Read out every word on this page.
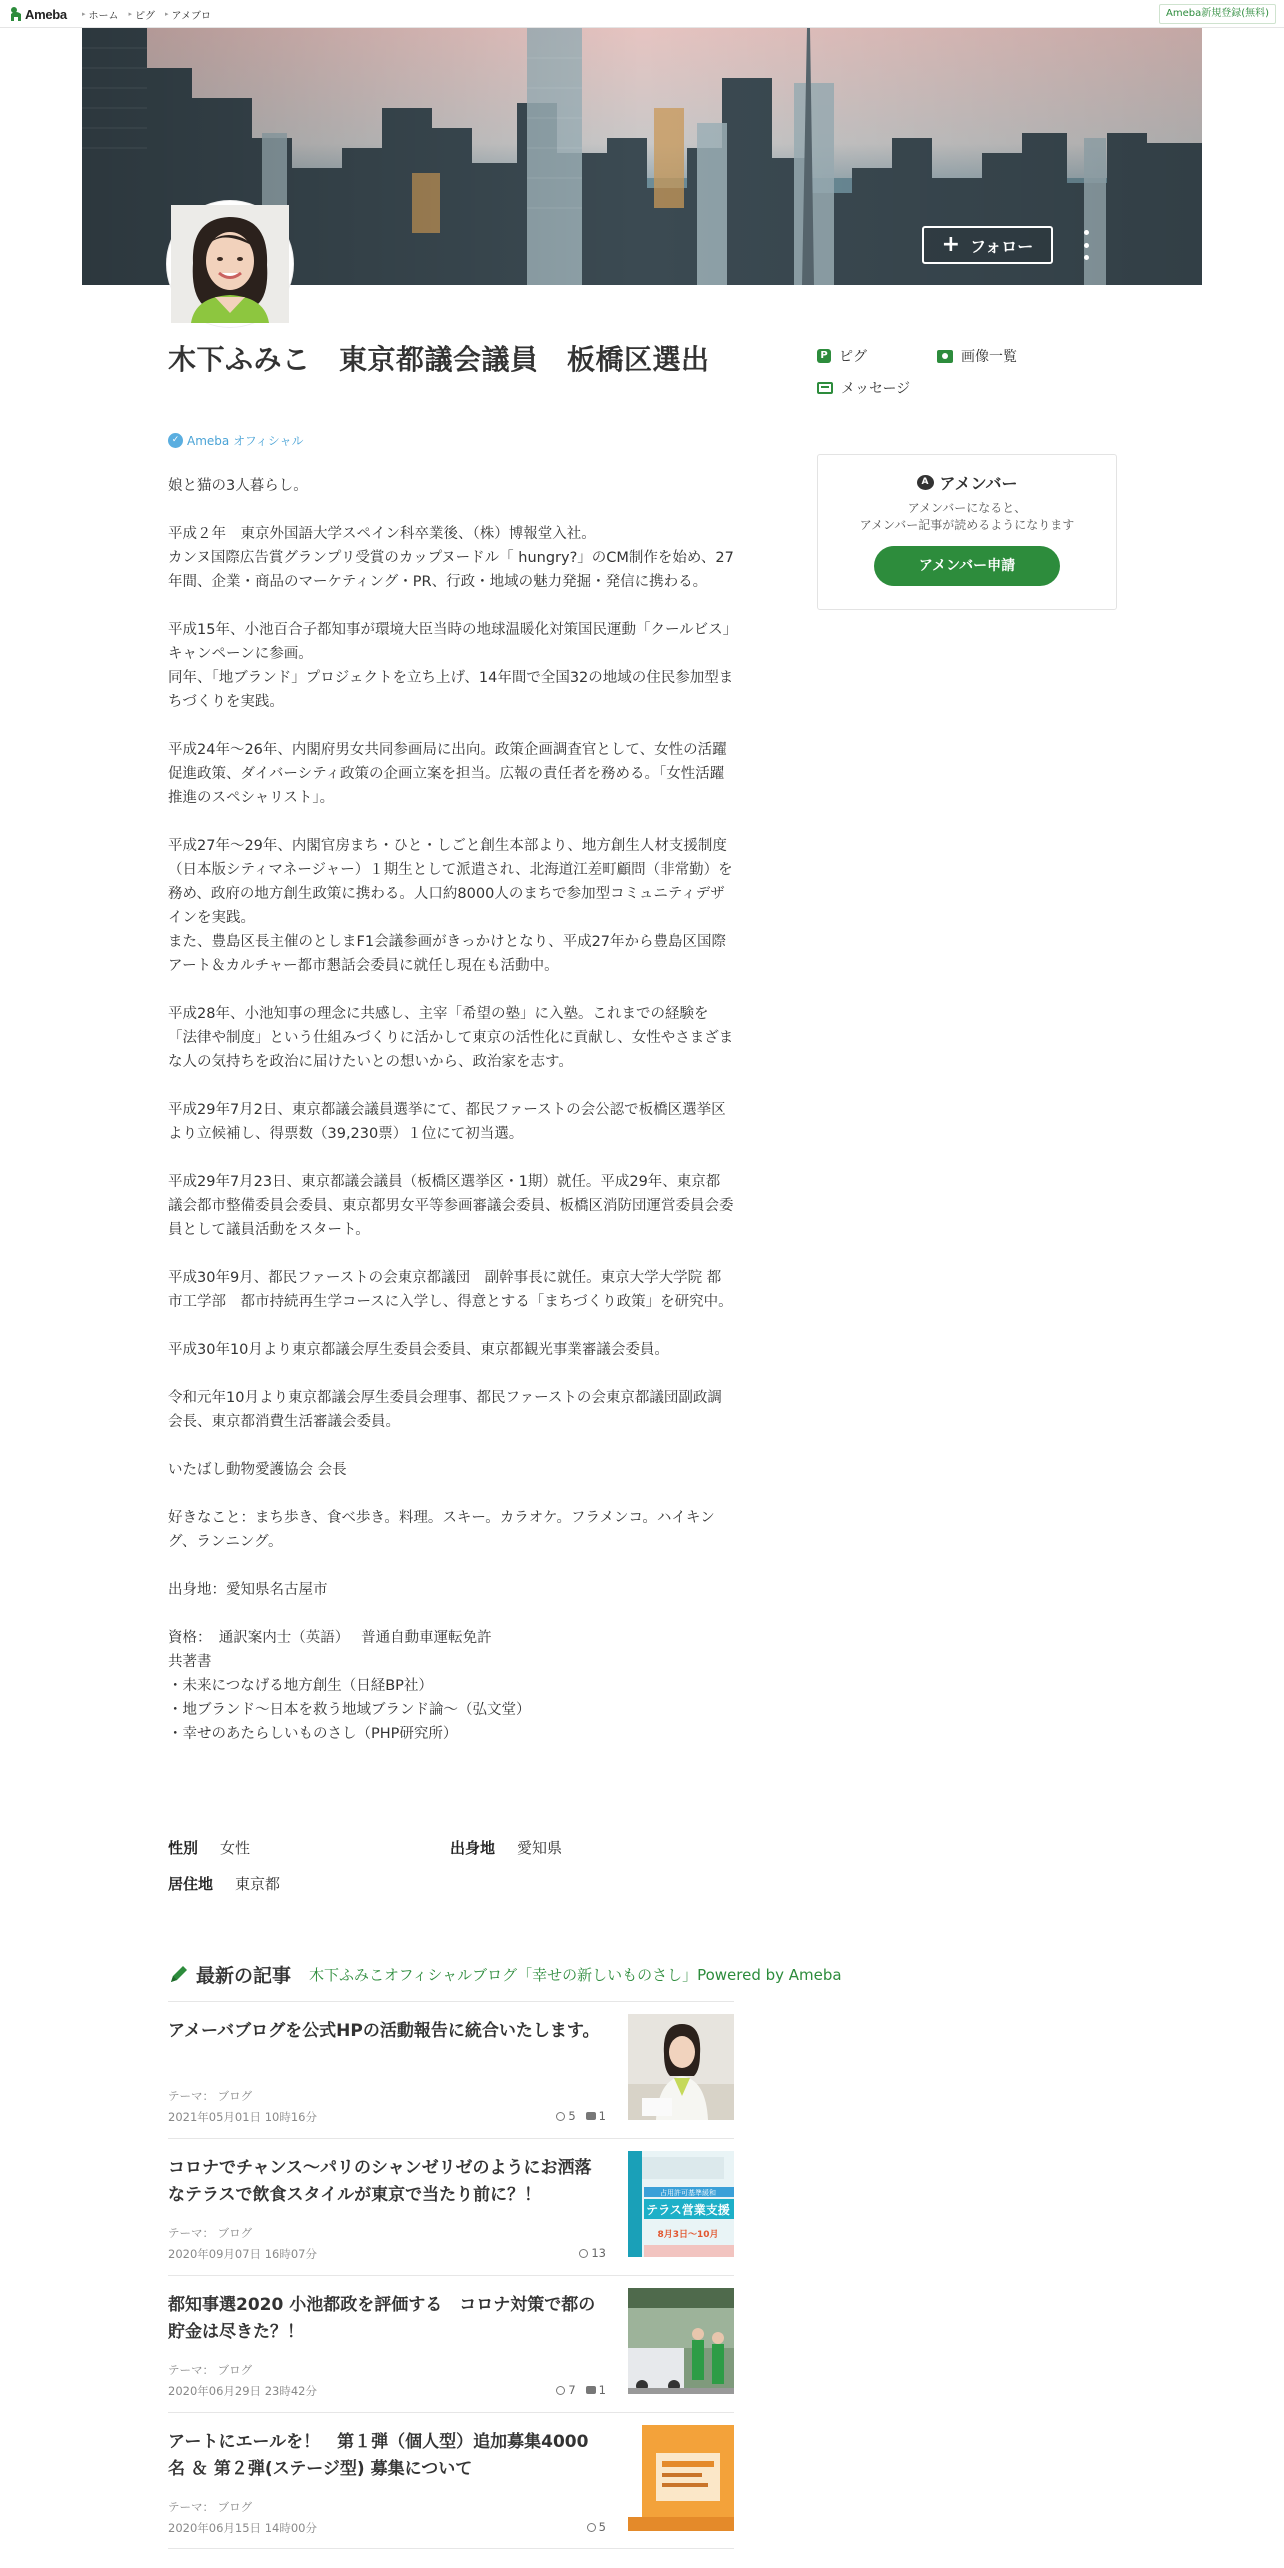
Ameba ▸ ホーム ▸ ピグ ▸ アメブロ	Ameba新規登録(無料)
+ フォロー
木下ふみこ　東京都議会議員　板橋区選出
✓ Ameba オフィシャル
娘と猫の3人暮らし。

平成２年　東京外国語大学スペイン科卒業後、（株）博報堂入社。
カンヌ国際広告賞グランプリ受賞のカップヌードル「 hungry?」のCM制作を始め、27年間、企業・商品のマーケティング・PR、行政・地域の魅力発掘・発信に携わる。

平成15年、小池百合子都知事が環境大臣当時の地球温暖化対策国民運動「クールビス」キャンペーンに参画。
同年、「地ブランド」プロジェクトを立ち上げ、14年間で全国32の地域の住民参加型まちづくりを実践。

平成24年～26年、内閣府男女共同参画局に出向。政策企画調査官として、女性の活躍促進政策、ダイバーシティ政策の企画立案を担当。広報の責任者を務める。「女性活躍推進のスペシャリスト」。

平成27年～29年、内閣官房まち・ひと・しごと創生本部より、地方創生人材支援制度（日本版シティマネージャー）１期生として派遣され、北海道江差町顧問（非常勤）を務め、政府の地方創生政策に携わる。人口約8000人のまちで参加型コミュニティデザインを実践。
また、豊島区長主催のとしまF1会議参画がきっかけとなり、平成27年から豊島区国際アート＆カルチャー都市懇話会委員に就任し現在も活動中。

平成28年、小池知事の理念に共感し、主宰「希望の塾」に入塾。これまでの経験を「法律や制度」という仕組みづくりに活かして東京の活性化に貢献し、女性やさまざまな人の気持ちを政治に届けたいとの想いから、政治家を志す。

平成29年7月2日、東京都議会議員選挙にて、都民ファーストの会公認で板橋区選挙区より立候補し、得票数（39,230票）１位にて初当選。

平成29年7月23日、東京都議会議員（板橋区選挙区・1期）就任。平成29年、東京都議会都市整備委員会委員、東京都男女平等参画審議会委員、板橋区消防団運営委員会委員として議員活動をスタート。

平成30年9月、都民ファーストの会東京都議団　副幹事長に就任。東京大学大学院 都市工学部　都市持続再生学コースに入学し、得意とする「まちづくり政策」を研究中。

平成30年10月より東京都議会厚生委員会委員、東京都観光事業審議会委員。

令和元年10月より東京都議会厚生委員会理事、都民ファーストの会東京都議団副政調会長、東京都消費生活審議会委員。

いたばし動物愛護協会 会長

好きなこと：まち歩き、食べ歩き。料理。スキー。カラオケ。フラメンコ。ハイキング、ランニング。

出身地：愛知県名古屋市

資格：　通訳案内士（英語）　 普通自動車運転免許
共著書
・未来につなげる地方創生（日経BP社）
・地ブランド〜日本を救う地域ブランド論〜（弘文堂）
・幸せのあたらしいものさし（PHP研究所）
性別 女性	出身地 愛知県
居住地 東京都
P ピグ	画像一覧
メッセージ
A アメンバー
アメンバーになると、
アメンバー記事が読めるようになります
アメンバー申請
最新の記事 木下ふみこオフィシャルブログ「幸せの新しいものさし」Powered by Ameba
アメーバブログを公式HPの活動報告に統合いたします。
テーマ： ブログ
2021年05月01日 10時16分	5 1
コロナでチャンス〜パリのシャンゼリゼのようにお洒落なテラスで飲食スタイルが東京で当たり前に？！
テーマ： ブログ
2020年09月07日 16時07分	13
占用許可基準緩和
テラス営業支援
8月3日～10月
都知事選2020 小池都政を評価する　コロナ対策で都の貯金は尽きた？！
テーマ： ブログ
2020年06月29日 23時42分	7 1
アートにエールを！　第１弾（個人型）追加募集4000名 ＆ 第２弾(ステージ型) 募集について
テーマ： ブログ
2020年06月15日 14時00分	5
